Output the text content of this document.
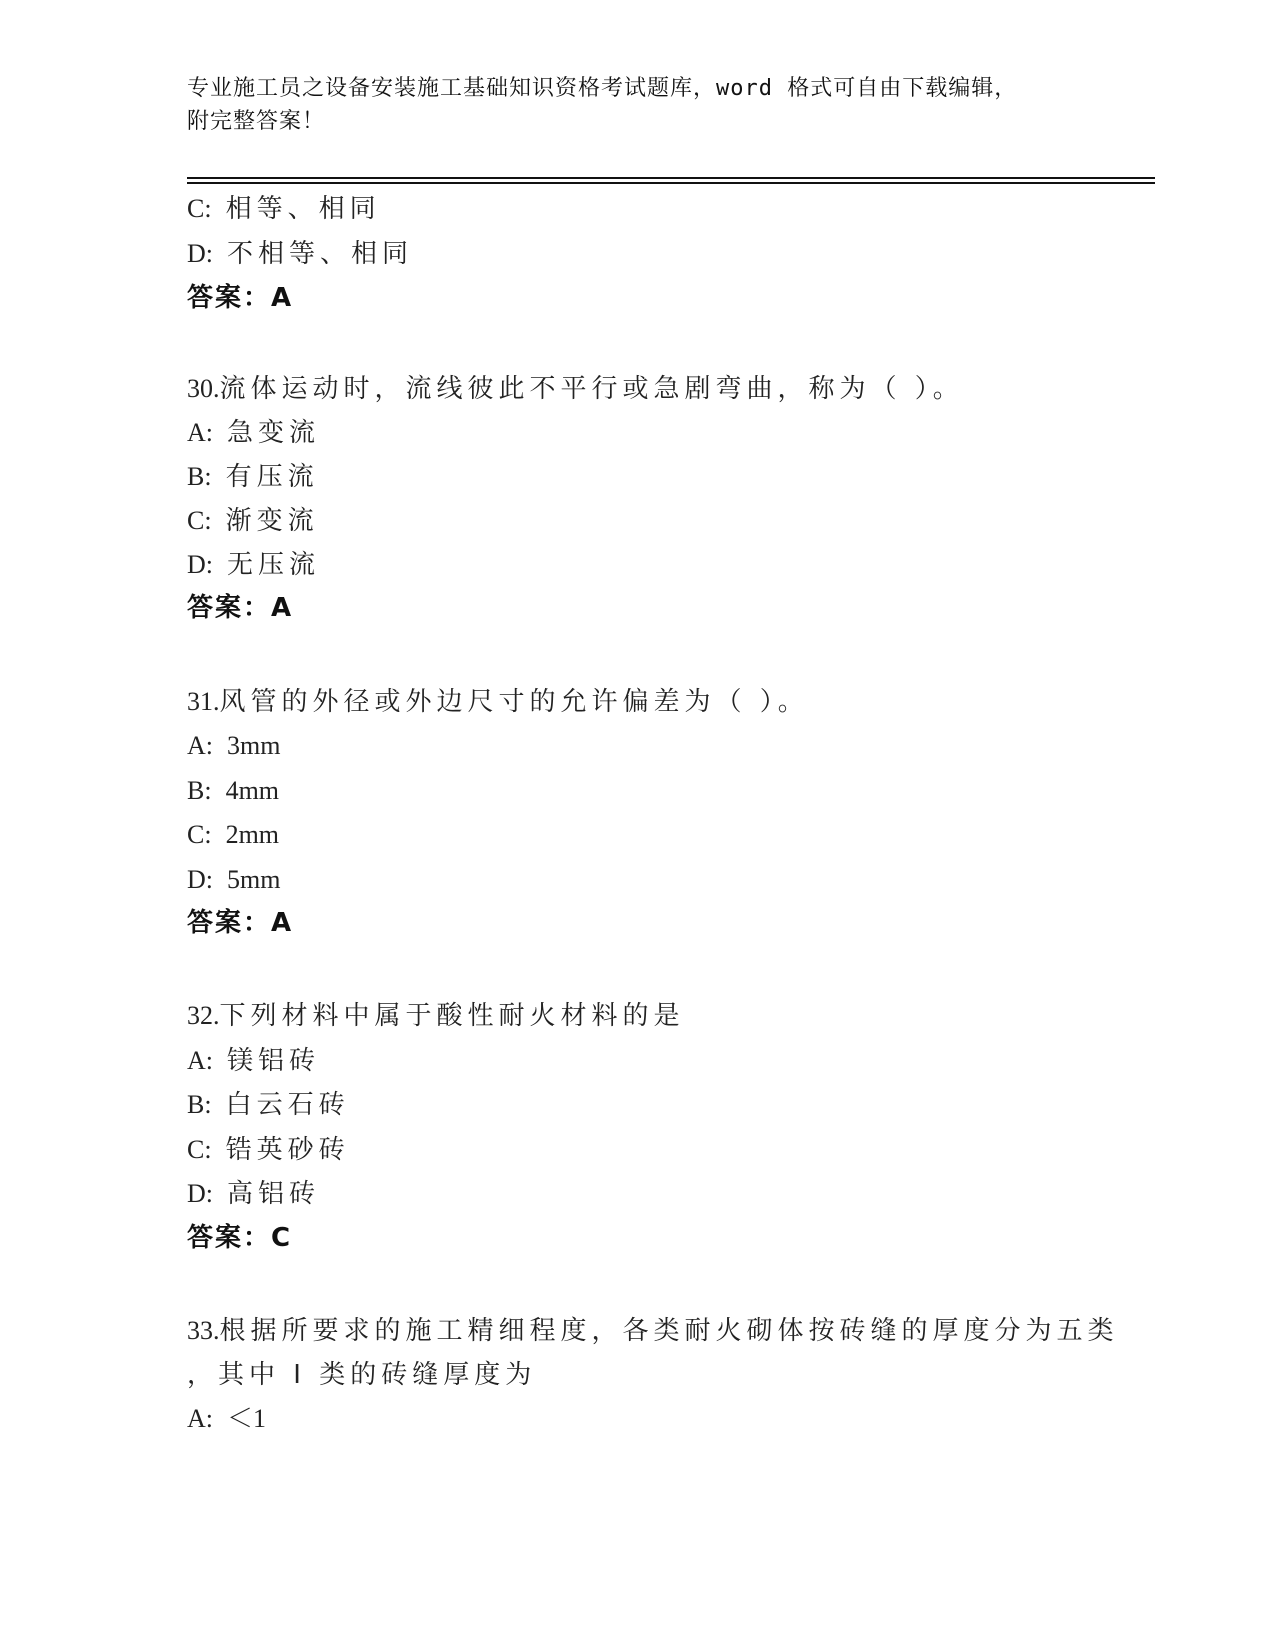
专业施工员之设备安装施工基础知识资格考试题库，word 格式可自由下载编辑，
附完整答案！
C: 相等、相同
D: 不相等、相同
答案：A
30.流体运动时，流线彼此不平行或急剧弯曲，称为（ ）。
A: 急变流
B: 有压流
C: 渐变流
D: 无压流
答案：A
31.风管的外径或外边尺寸的允许偏差为（ ）。
A: 3mm
B: 4mm
C: 2mm
D: 5mm
答案：A
32.下列材料中属于酸性耐火材料的是
A: 镁铝砖
B: 白云石砖
C: 锆英砂砖
D: 高铝砖
答案：C
33.根据所要求的施工精细程度，各类耐火砌体按砖缝的厚度分为五类
，其中 I 类的砖缝厚度为
A: ＜1
